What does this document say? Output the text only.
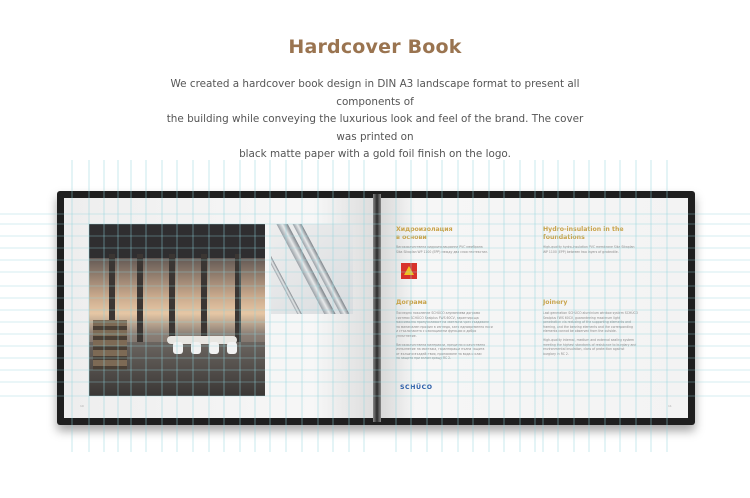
Hardcover Book
We created a hardcover book design in DIN A3 landscape format to present all components of
the building while conveying the luxurious look and feel of the brand. The cover was printed on
black matte paper with a gold foil finish on the logo.
Хидроизолация
в основи
Висококачествена хидроизолационна PVC мембрана
Sika Sikaplan WP 1100 (EPP) между два слоя геотекстил.
Hydro-insulation in the
foundations
High-quality hydro-insulation PVC membrane Sika Sikaplan
WP 1100 (EPP) between two layers of geotextile.
Дограма
Последно поколение SCHÜCO алуминиева дограма
системи SCHÜCO Sealplus FWS 60CV, гарантираща
максимална пропускливост на светлина чрез създаване
на минимален профил в изгледа, като едновременно носи
и стъклопакета с изолационни функции и добро
уплътнение.
Висококачествени материали, прецизно и качествено
изпълнение на монтажа, гарантиращи пълна защита
от външни въздействия, проникване на вода и клас
на защита при взлом срещу RC 2.
Joinery
Last generation SCHÜCO aluminium window system SCHÜCO
Sealplus FWS 60CV, guaranteeing maximum light
penetration via reducing of the supporting elements and
framing, and the bearing elements and the corresponding
elements cannot be observed from the outside.
High-quality internal, medium and external sealing system
meeting the highest standards of resistance to burglary and
environmental insulation, class of protection against
burglary in RC 2.
SCHÜCO
10	11
